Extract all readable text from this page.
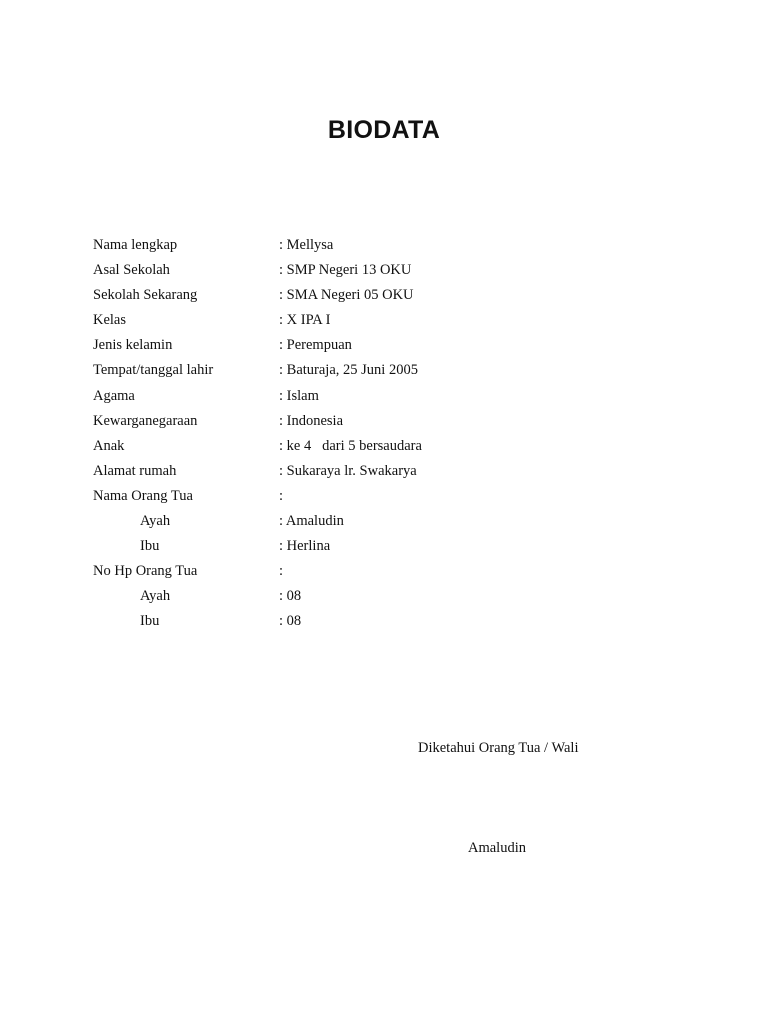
BIODATA
Nama lengkap	: Mellysa
Asal Sekolah	: SMP Negeri 13 OKU
Sekolah Sekarang	: SMA Negeri 05 OKU
Kelas	: X IPA I
Jenis kelamin	: Perempuan
Tempat/tanggal lahir	: Baturaja, 25 Juni 2005
Agama	: Islam
Kewarganegaraan	: Indonesia
Anak	: ke 4   dari 5 bersaudara
Alamat rumah	: Sukaraya lr. Swakarya
Nama Orang Tua	:
Ayah	: Amaludin
Ibu	: Herlina
No Hp Orang Tua	:
Ayah	: 08
Ibu	: 08
Diketahui Orang Tua / Wali
Amaludin
